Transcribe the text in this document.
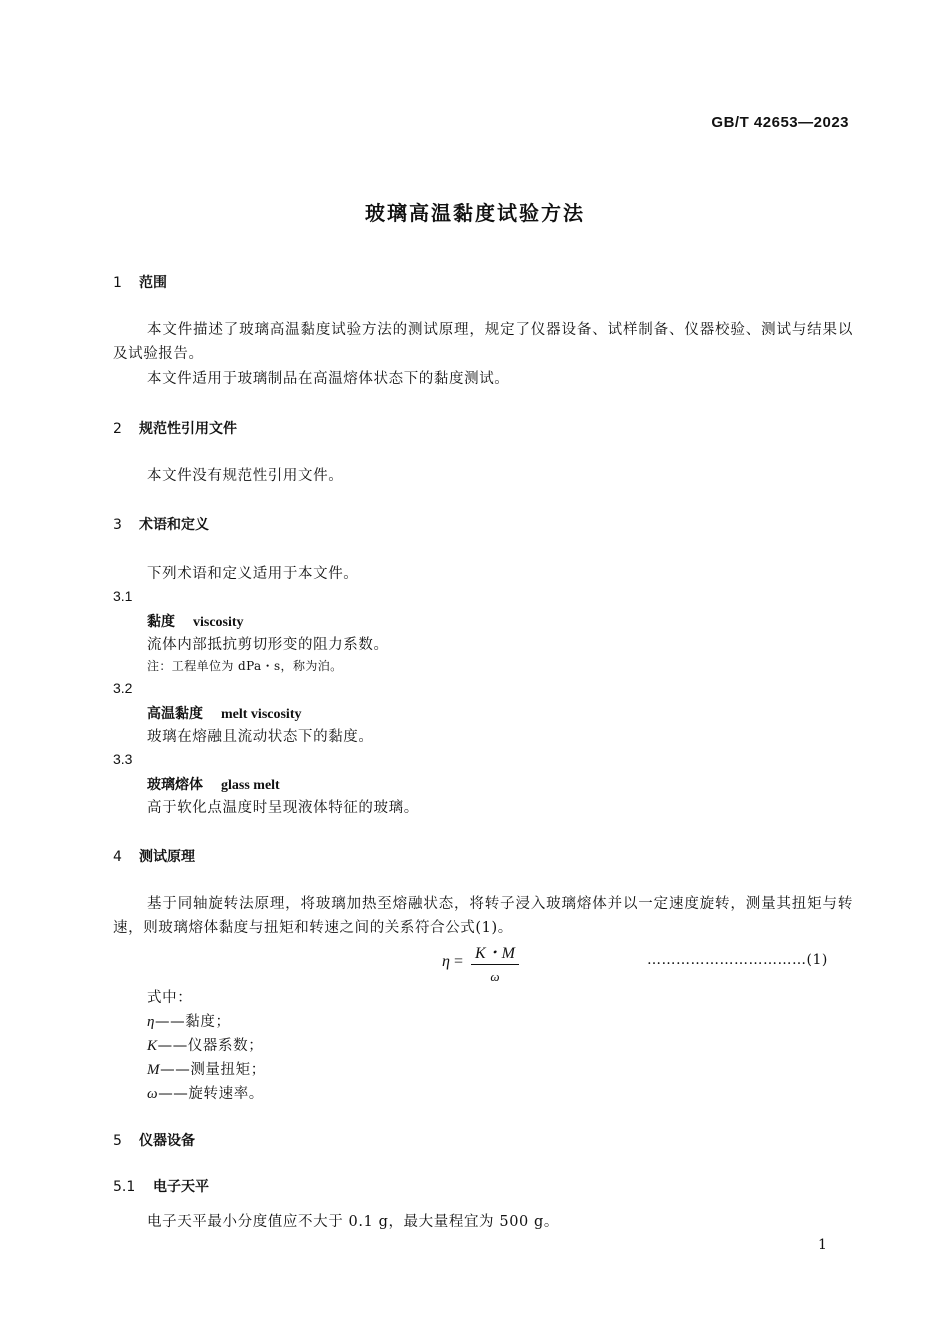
GB/T 42653—2023
玻璃高温黏度试验方法
1 范围
本文件描述了玻璃高温黏度试验方法的测试原理，规定了仪器设备、试样制备、仪器校验、测试与结果以及试验报告。
本文件适用于玻璃制品在高温熔体状态下的黏度测试。
2 规范性引用文件
本文件没有规范性引用文件。
3 术语和定义
下列术语和定义适用于本文件。
3.1
黏度 viscosity
流体内部抵抗剪切形变的阻力系数。
注：工程单位为 dPa・s，称为泊。
3.2
高温黏度 melt viscosity
玻璃在熔融且流动状态下的黏度。
3.3
玻璃熔体 glass melt
高于软化点温度时呈现液体特征的玻璃。
4 测试原理
基于同轴旋转法原理，将玻璃加热至熔融状态，将转子浸入玻璃熔体并以一定速度旋转，测量其扭矩与转速，则玻璃熔体黏度与扭矩和转速之间的关系符合公式(1)。
$\eta = \frac{K・M}{\omega}$	……………………………(1)
式中：
η——黏度；
K——仪器系数；
M——测量扭矩；
ω——旋转速率。
5 仪器设备
5.1 电子天平
电子天平最小分度值应不大于 0.1 g，最大量程宜为 500 g。
1
